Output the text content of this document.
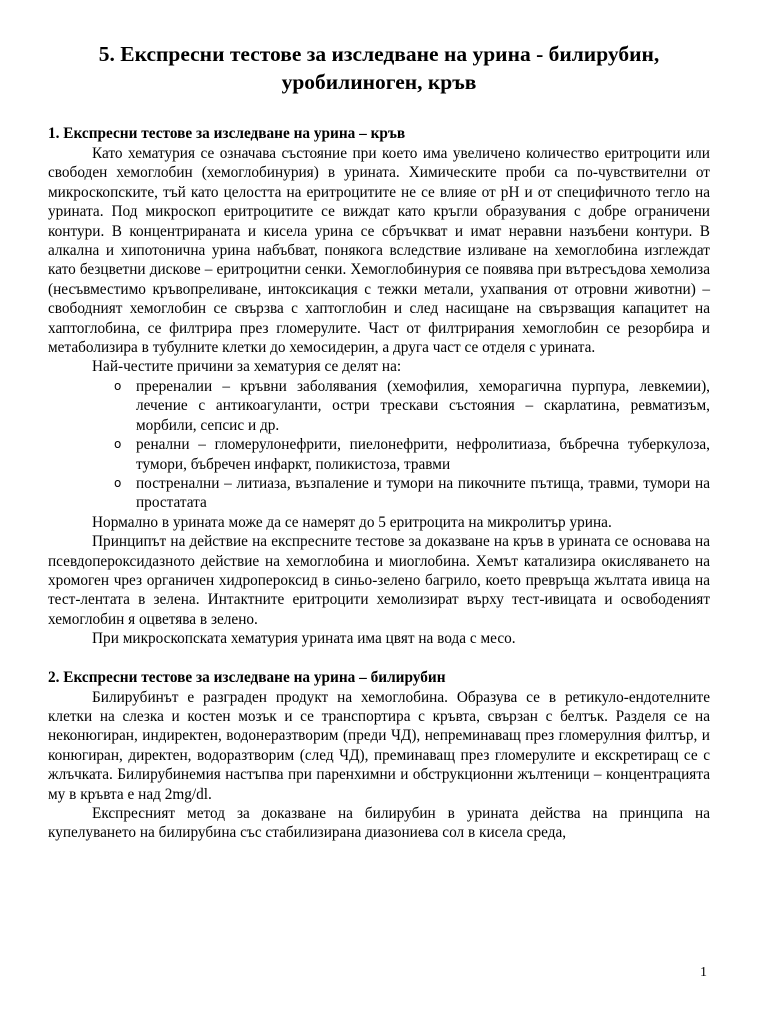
5. Експресни тестове за изследване на урина - билирубин, уробилиноген, кръв
1. Експресни тестове за изследване на урина – кръв

Като хематурия се означава състояние при което има увеличено количество еритроцити или свободен хемоглобин (хемоглобинурия) в урината. Химическите проби са по-чувствителни от микроскопските, тъй като целостта на еритроцитите не се влияе от pH и от специфичното тегло на урината. Под микроскоп еритроцитите се виждат като кръгли образувания с добре ограничени контури. В концентрираната и кисела урина се сбръчкват и имат неравни назъбени контури. В алкална и хипотонична урина набъбват, понякога вследствие изливане на хемоглобина изглеждат като безцветни дискове – еритроцитни сенки. Хемоглобинурия се появява при вътресъдова хемолиза (несъвместимо кръвопреливане, интоксикация с тежки метали, ухапвания от отровни животни) – свободният хемоглобин се свързва с хаптоглобин и след насищане на свързващия капацитет на хаптоглобина, се филтрира през гломерулите. Част от филтрирания хемоглобин се резорбира и метаболизира в тубулните клетки до хемосидерин, а друга част се отделя с урината.

Най-честите причини за хематурия се делят на:

o пререналии – кръвни заболявания (хемофилия, хеморагична пурпура, левкемии), лечение с антикоагуланти, остри трескави състояния – скарлатина, ревматизъм, морбили, сепсис и др.
o ренални – гломерулонефрити, пиелонефрити, нефролитиаза, бъбречна туберкулоза, тумори, бъбречен инфаркт, поликистоза, травми
o постренални – литиаза, възпаление и тумори на пикочните пътища, травми, тумори на простатата

Нормално в урината може да се намерят до 5 еритроцита на микролитър урина.

Принципът на действие на експресните тестове за доказване на кръв в урината се основава на псевдопероксидазното действие на хемоглобина и миоглобина. Хемът катализира окисляването на хромоген чрез органичен хидропероксид в синьо-зелено багрило, което превръща жълтата ивица на тест-лентата в зелена. Интактните еритроцити хемолизират върху тест-ивицата и освободеният хемоглобин я оцветява в зелено.

При микроскопската хематурия урината има цвят на вода с месо.

2. Експресни тестове за изследване на урина – билирубин

Билирубинът е разграден продукт на хемоглобина. Образува се в ретикуло-ендотелните клетки на слезка и костен мозък и се транспортира с кръвта, свързан с белтък. Разделя се на неконюгиран, индиректен, водонеразтворим (преди ЧД), непреминаващ през гломерулния филтър, и конюгиран, директен, водоразтворим (след ЧД), преминаващ през гломерулите и екскретиращ се с жлъчката. Билирубинемия настъпва при паренхимни и обструкционни жълтеници – концентрацията му в кръвта е над 2mg/dl.

Експресният метод за доказване на билирубин в урината действа на принципа на купелуването на билирубина със стабилизирана диазониева сол в кисела среда,

1
